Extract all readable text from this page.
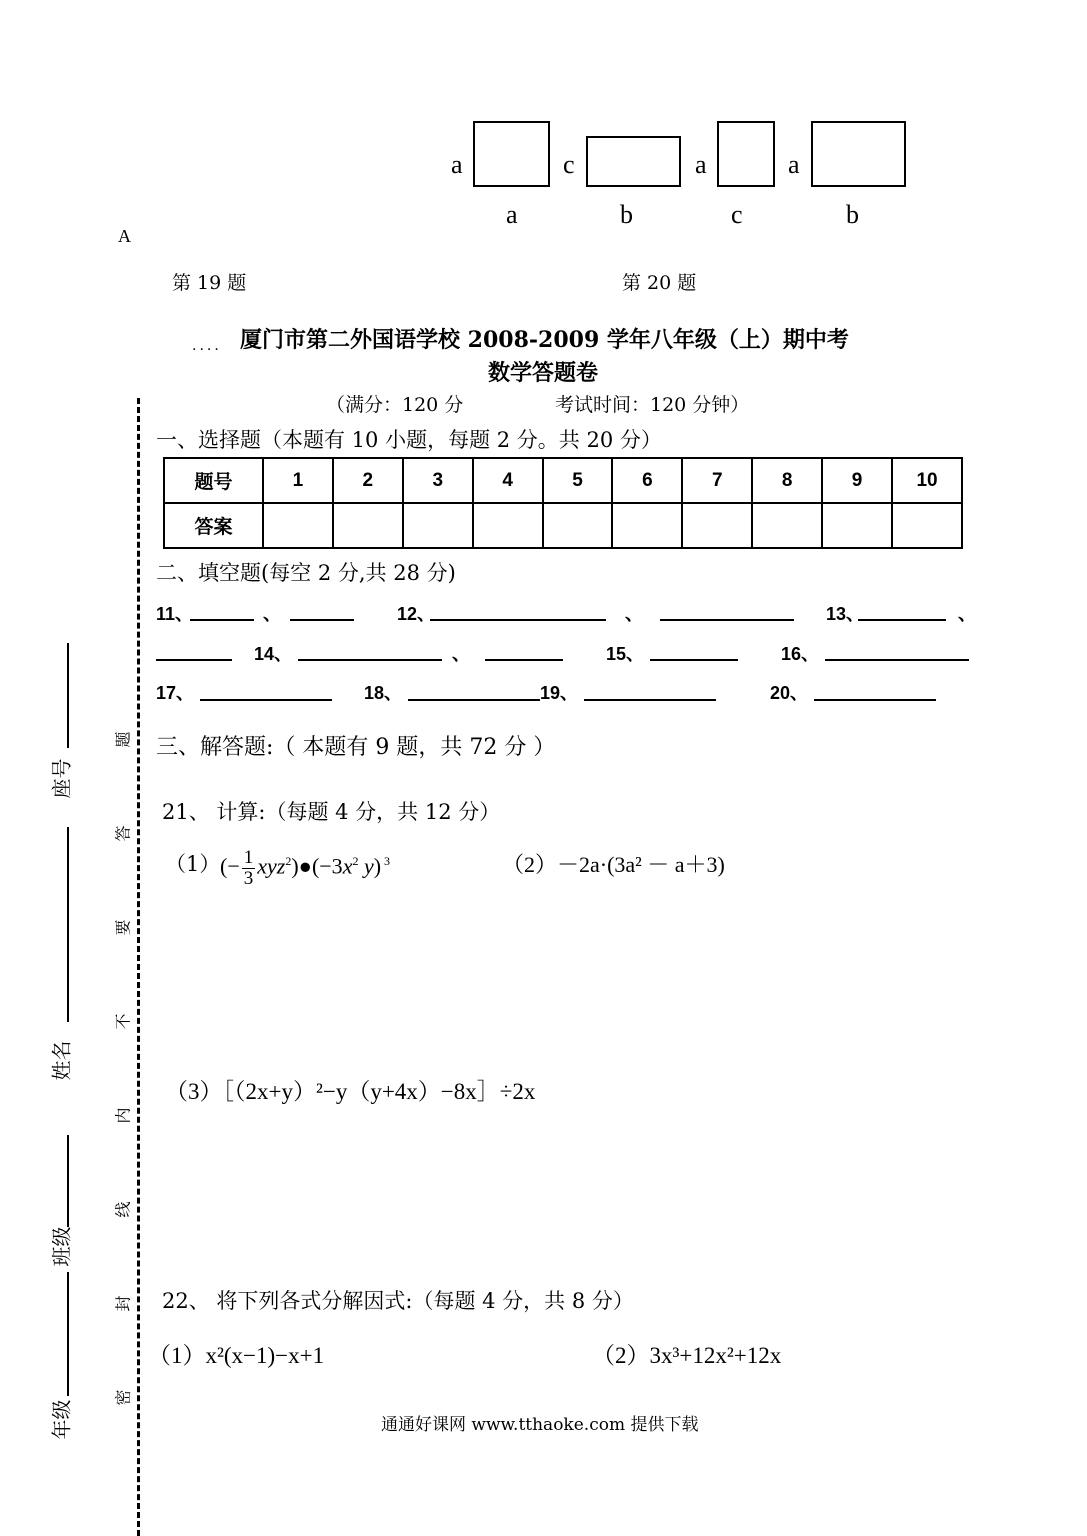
a	c	a	a
a	b	c	b
A
第 19 题	第 20 题
.... 厦门市第二外国语学校 2008-2009 学年八年级（上）期中考
数学答题卷
（满分：120 分	考试时间：120 分钟）
一、选择题（本题有 10 小题，每题 2 分。共 20 分）
题号	1	2	3	4	5	6	7	8	9	10
答案										
二、填空题(每空 2 分,共 28 分)
11、	、	12、	、	13、	、
14、	、	15、	16、
17、	18、	19、	20、
三、解答题:（ 本题有 9 题，共 72 分 ）
21、 计算:（每题 4 分，共 12 分）
（1） (− $\frac{1}{3}$ $xyz^2)●(-3x^2$ y) $^3$	（2）－2a·(3a² － a＋3)
（3）［（2x+y）²−y（y+4x）−8x］÷2x
22、 将下列各式分解因式:（每题 4 分，共 8 分）
（1）x²(x−1)−x+1	（2）3x³+12x²+12x
座号
姓名
班级
年级
题
答
要
不
内
线
封
密
通通好课网 www.tthaoke.com 提供下载
